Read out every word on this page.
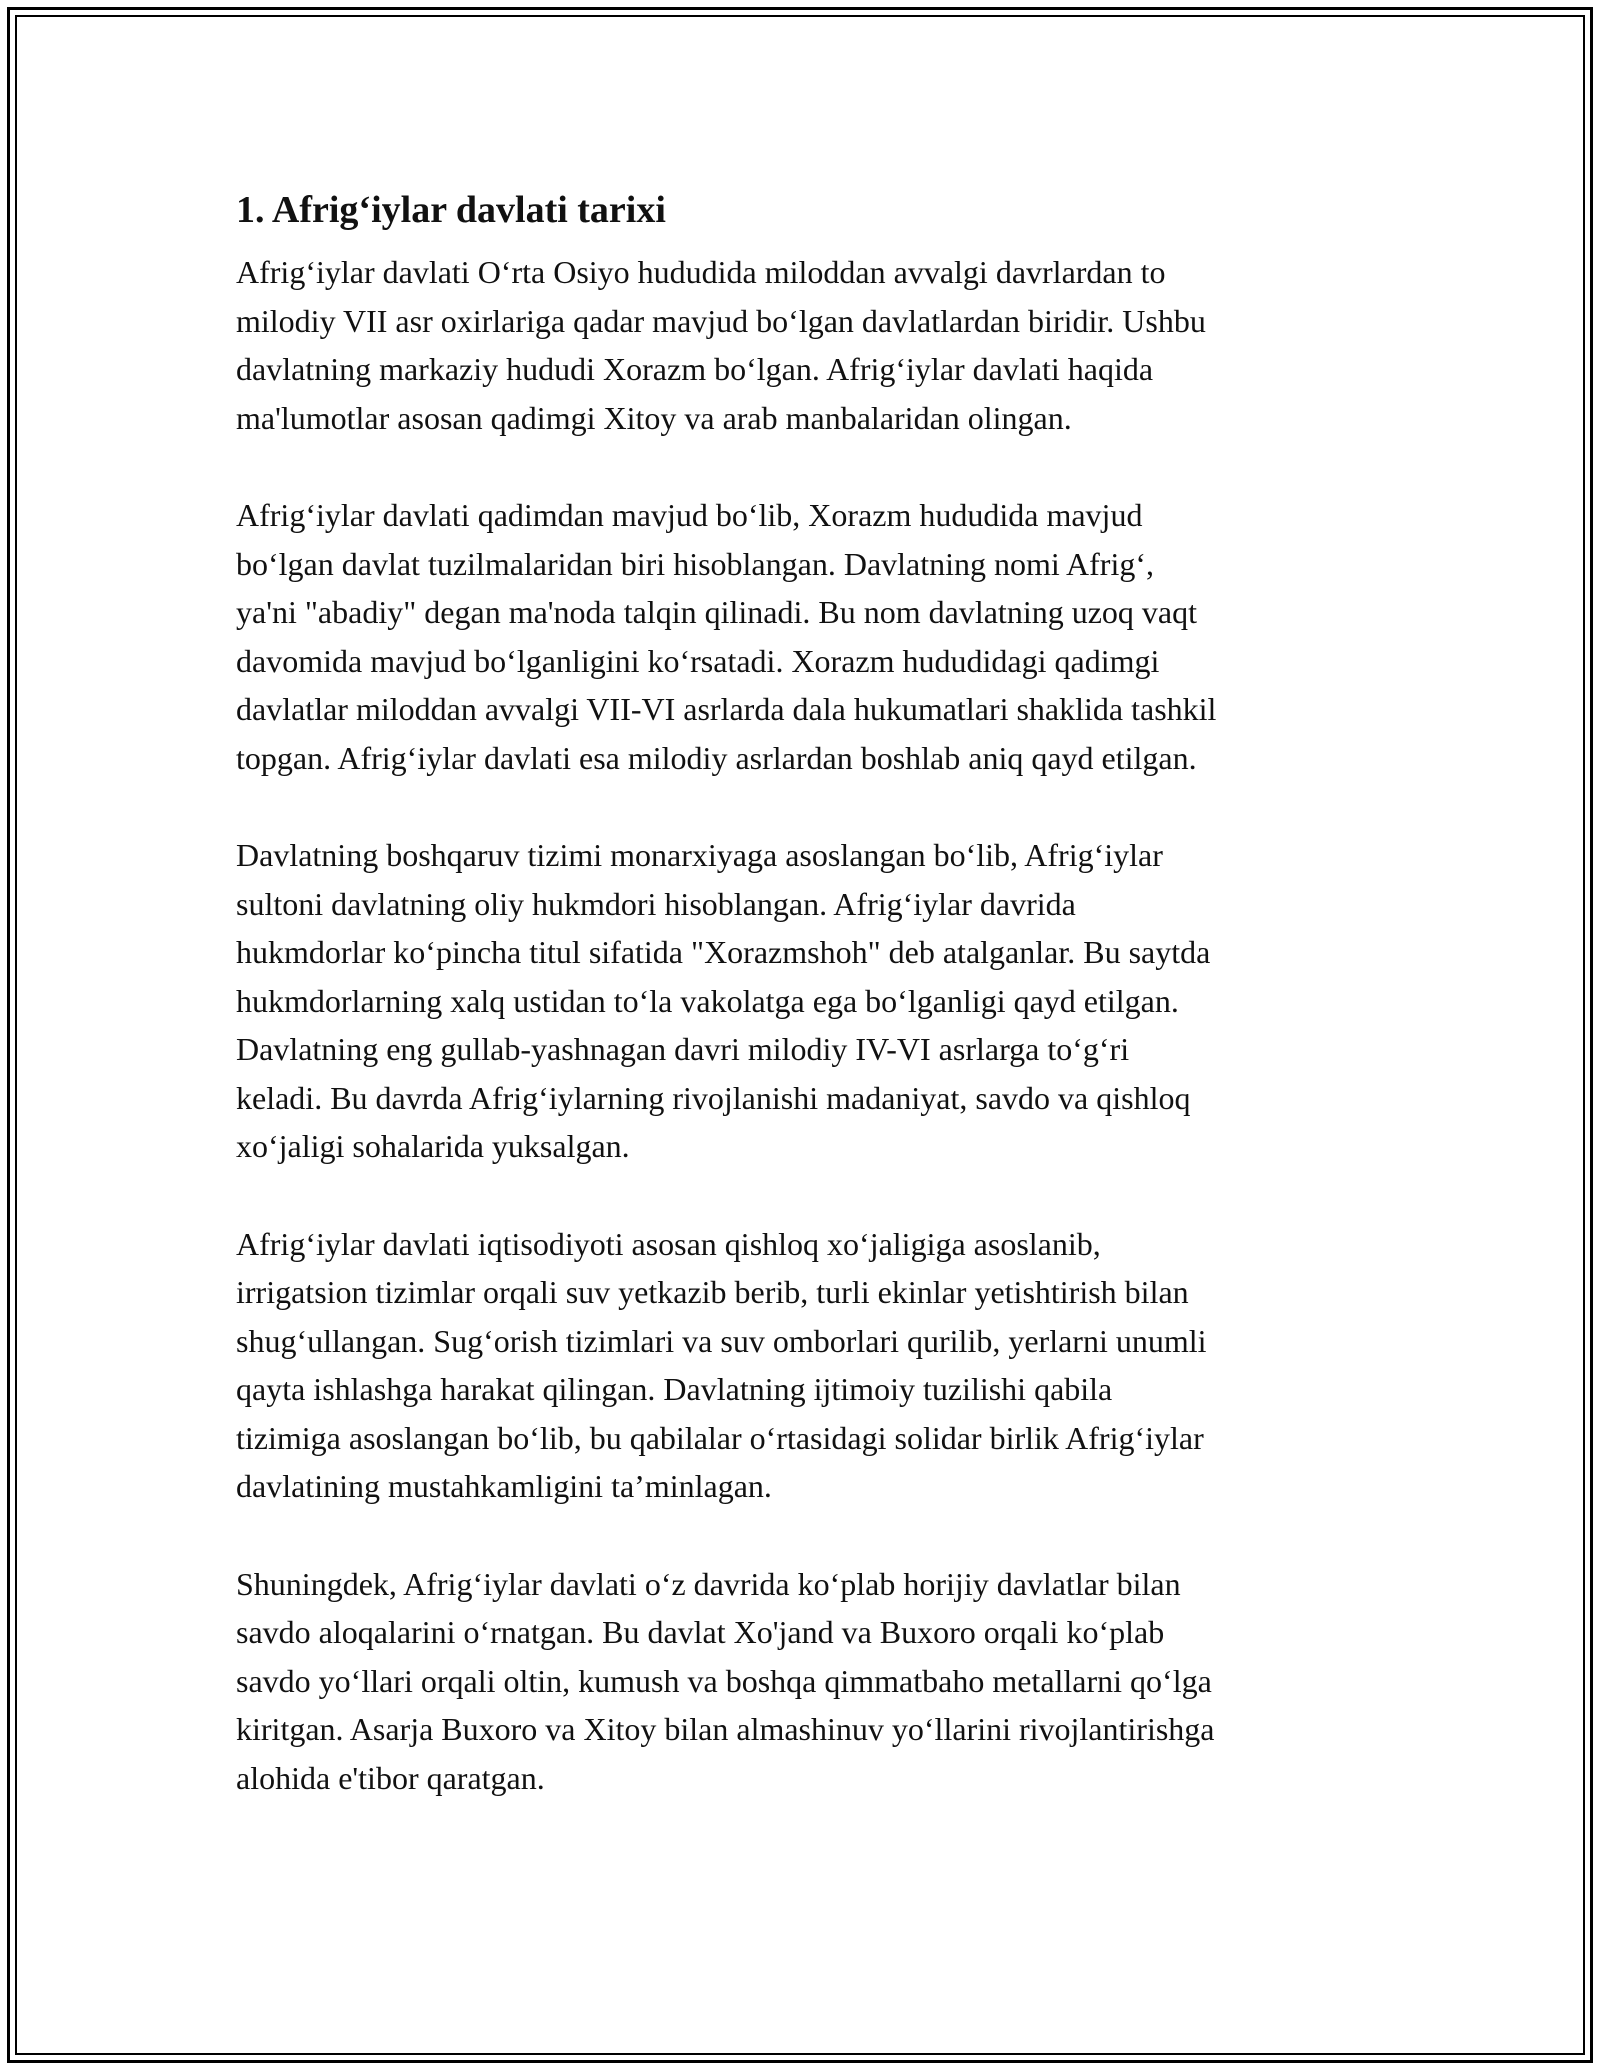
1. Afrig‘iylar davlati tarixi

Afrig‘iylar davlati O‘rta Osiyo hududida miloddan avvalgi davrlardan to
milodiy VII asr oxirlariga qadar mavjud bo‘lgan davlatlardan biridir. Ushbu
davlatning markaziy hududi Xorazm bo‘lgan. Afrig‘iylar davlati haqida
ma'lumotlar asosan qadimgi Xitoy va arab manbalaridan olingan.

Afrig‘iylar davlati qadimdan mavjud bo‘lib, Xorazm hududida mavjud
bo‘lgan davlat tuzilmalaridan biri hisoblangan. Davlatning nomi Afrig‘,
ya'ni "abadiy" degan ma'noda talqin qilinadi. Bu nom davlatning uzoq vaqt
davomida mavjud bo‘lganligini ko‘rsatadi. Xorazm hududidagi qadimgi
davlatlar miloddan avvalgi VII-VI asrlarda dala hukumatlari shaklida tashkil
topgan. Afrig‘iylar davlati esa milodiy asrlardan boshlab aniq qayd etilgan.

Davlatning boshqaruv tizimi monarxiyaga asoslangan bo‘lib, Afrig‘iylar
sultoni davlatning oliy hukmdori hisoblangan. Afrig‘iylar davrida
hukmdorlar ko‘pincha titul sifatida "Xorazmshoh" deb atalganlar. Bu saytda
hukmdorlarning xalq ustidan to‘la vakolatga ega bo‘lganligi qayd etilgan.
Davlatning eng gullab-yashnagan davri milodiy IV-VI asrlarga to‘g‘ri
keladi. Bu davrda Afrig‘iylarning rivojlanishi madaniyat, savdo va qishloq
xo‘jaligi sohalarida yuksalgan.

Afrig‘iylar davlati iqtisodiyoti asosan qishloq xo‘jaligiga asoslanib,
irrigatsion tizimlar orqali suv yetkazib berib, turli ekinlar yetishtirish bilan
shug‘ullangan. Sug‘orish tizimlari va suv omborlari qurilib, yerlarni unumli
qayta ishlashga harakat qilingan. Davlatning ijtimoiy tuzilishi qabila
tizimiga asoslangan bo‘lib, bu qabilalar o‘rtasidagi solidar birlik Afrig‘iylar
davlatining mustahkamligini ta’minlagan.

Shuningdek, Afrig‘iylar davlati o‘z davrida ko‘plab horijiy davlatlar bilan
savdo aloqalarini o‘rnatgan. Bu davlat Xo'jand va Buxoro orqali ko‘plab
savdo yo‘llari orqali oltin, kumush va boshqa qimmatbaho metallarni qo‘lga
kiritgan. Asarja Buxoro va Xitoy bilan almashinuv yo‘llarini rivojlantirishga
alohida e'tibor qaratgan.
